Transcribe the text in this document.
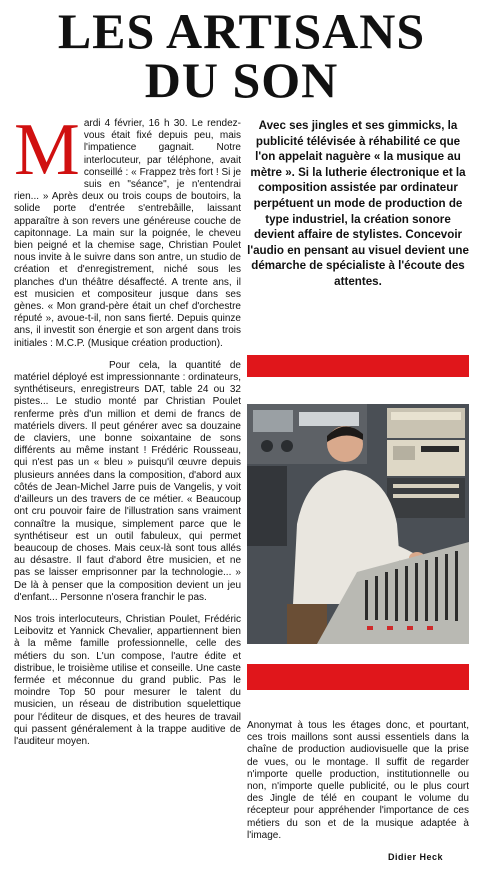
LES ARTISANS
DU SON
M ardi 4 février, 16 h 30. Le rendez-vous était fixé depuis peu, mais l'impatience gagnait. Notre interlocuteur, par téléphone, avait conseillé : « Frappez très fort ! Si je suis en "séance", je n'entendrai rien... » Après deux ou trois coups de boutoirs, la solide porte d'entrée s'entrebâille, laissant apparaître à son revers une généreuse couche de capitonnage. La main sur la poignée, le cheveu bien peigné et la chemise sage, Christian Poulet nous invite à le suivre dans son antre, un studio de création et d'enregistrement, niché sous les planches d'un théâtre désaffecté. A trente ans, il est musicien et compositeur jusque dans ses gènes. « Mon grand-père était un chef d'orchestre réputé », avoue-t-il, non sans fierté. Depuis quinze ans, il investit son énergie et son argent dans trois initiales : M.C.P. (Musique création production).

Pour cela, la quantité de matériel déployé est impressionnante : ordinateurs, synthétiseurs, enregistreurs DAT, table 24 ou 32 pistes... Le studio monté par Christian Poulet renferme près d'un million et demi de francs de matériels divers. Il peut générer avec sa douzaine de claviers, une bonne soixantaine de sons différents au même instant ! Frédéric Rousseau, qui n'est pas un « bleu » puisqu'il œuvre depuis plusieurs années dans la composition, d'abord aux côtés de Jean-Michel Jarre puis de Vangelis, y voit d'ailleurs un des travers de ce métier. « Beaucoup ont cru pouvoir faire de l'illustration sans vraiment connaître la musique, simplement parce que le synthétiseur est un outil fabuleux, qui permet beaucoup de choses. Mais ceux-là sont tous allés au désastre. Il faut d'abord être musicien, et ne pas se laisser emprisonner par la technologie... » De là à penser que la composition devient un jeu d'enfant... Personne n'osera franchir le pas.

Nos trois interlocuteurs, Christian Poulet, Frédéric Leibovitz et Yannick Chevalier, appartiennent bien à la même famille professionnelle, celle des métiers du son. L'un compose, l'autre édite et distribue, le troisième utilise et conseille. Une caste fermée et méconnue du grand public. Pas le moindre Top 50 pour mesurer le talent du musicien, un réseau de distribution squelettique pour l'éditeur de disques, et des heures de travail qui passent généralement à la trappe auditive de l'auditeur moyen.

Avec ses jingles et ses gimmicks, la publicité télévisée à réhabilité ce que l'on appelait naguère « la musique au mètre ». Si la lutherie électronique et la composition assistée par ordinateur perpétuent un mode de production de type industriel, la création sonore devient affaire de stylistes. Concevoir l'audio en pensant au visuel devient une démarche de spécialiste à l'écoute des attentes.

Anonymat à tous les étages donc, et pourtant, ces trois maillons sont aussi essentiels dans la chaîne de production audiovisuelle que la prise de vues, ou le montage. Il suffit de regarder n'importe quelle production, institutionnelle ou non, n'importe quelle publicité, ou le plus court des Jingle de télé en coupant le volume du récepteur pour appréhender l'importance de ces métiers du son et de la musique adaptée à l'image.

Didier Heck
